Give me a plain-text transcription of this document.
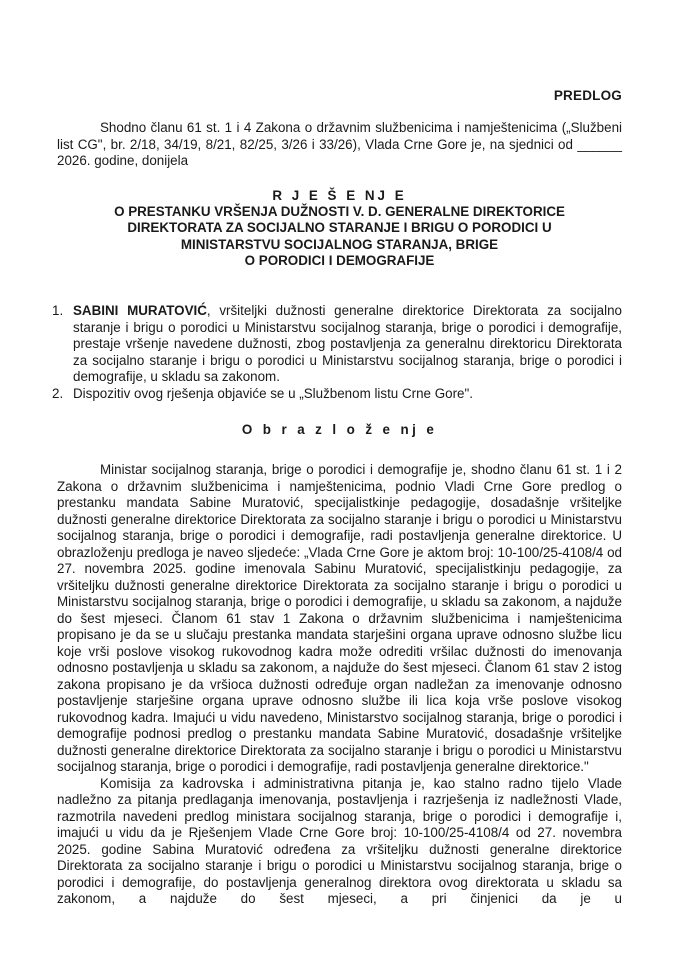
PREDLOG

Shodno članu 61 st. 1 i 4 Zakona o državnim službenicima i namještenicima („Službeni list CG", br. 2/18, 34/19, 8/21, 82/25, 3/26 i 33/26), Vlada Crne Gore je, na sjednici od ______ 2026. godine, donijela

R J E Š E NJ E
O PRESTANKU VRŠENJA DUŽNOSTI V. D. GENERALNE DIREKTORICE
DIREKTORATA ZA SOCIJALNO STARANJE I BRIGU O PORODICI U
MINISTARSTVU SOCIJALNOG STARANJA, BRIGE
O PORODICI I DEMOGRAFIJE
1. SABINI MURATOVIĆ, vršiteljki dužnosti generalne direktorice Direktorata za socijalno staranje i brigu o porodici u Ministarstvu socijalnog staranja, brige o porodici i demografije, prestaje vršenje navedene dužnosti, zbog postavljenja za generalnu direktoricu Direktorata za socijalno staranje i brigu o porodici u Ministarstvu socijalnog staranja, brige o porodici i demografije, u skladu sa zakonom.
2. Dispozitiv ovog rješenja objaviće se u „Službenom listu Crne Gore".
O b r a z l o ž e nj e

Ministar socijalnog staranja, brige o porodici i demografije je, shodno članu 61 st. 1 i 2 Zakona o državnim službenicima i namještenicima, podnio Vladi Crne Gore predlog o prestanku mandata Sabine Muratović, specijalistkinje pedagogije, dosadašnje vršiteljke dužnosti generalne direktorice Direktorata za socijalno staranje i brigu o porodici u Ministarstvu socijalnog staranja, brige o porodici i demografije, radi postavljenja generalne direktorice. U obrazloženju predloga je naveo sljedeće: „Vlada Crne Gore je aktom broj: 10-100/25-4108/4 od 27. novembra 2025. godine imenovala Sabinu Muratović, specijalistkinju pedagogije, za vršiteljku dužnosti generalne direktorice Direktorata za socijalno staranje i brigu o porodici u Ministarstvu socijalnog staranja, brige o porodici i demografije, u skladu sa zakonom, a najduže do šest mjeseci. Članom 61 stav 1 Zakona o državnim službenicima i namještenicima propisano je da se u slučaju prestanka mandata starješini organa uprave odnosno službe licu koje vrši poslove visokog rukovodnog kadra može odrediti vršilac dužnosti do imenovanja odnosno postavljenja u skladu sa zakonom, a najduže do šest mjeseci. Članom 61 stav 2 istog zakona propisano je da vršioca dužnosti određuje organ nadležan za imenovanje odnosno postavljenje starješine organa uprave odnosno službe ili lica koja vrše poslove visokog rukovodnog kadra. Imajući u vidu navedeno, Ministarstvo socijalnog staranja, brige o porodici i demografije podnosi predlog o prestanku mandata Sabine Muratović, dosadašnje vršiteljke dužnosti generalne direktorice Direktorata za socijalno staranje i brigu o porodici u Ministarstvu socijalnog staranja, brige o porodici i demografije, radi postavljenja generalne direktorice."

Komisija za kadrovska i administrativna pitanja je, kao stalno radno tijelo Vlade nadležno za pitanja predlaganja imenovanja, postavljenja i razrješenja iz nadležnosti Vlade, razmotrila navedeni predlog ministara socijalnog staranja, brige o porodici i demografije i, imajući u vidu da je Rješenjem Vlade Crne Gore broj: 10-100/25-4108/4 od 27. novembra 2025. godine Sabina Muratović određena za vršiteljku dužnosti generalne direktorice Direktorata za socijalno staranje i brigu o porodici u Ministarstvu socijalnog staranja, brige o porodici i demografije, do postavljenja generalnog direktora ovog direktorata u skladu sa zakonom, a najduže do šest mjeseci, a pri činjenici da je u
